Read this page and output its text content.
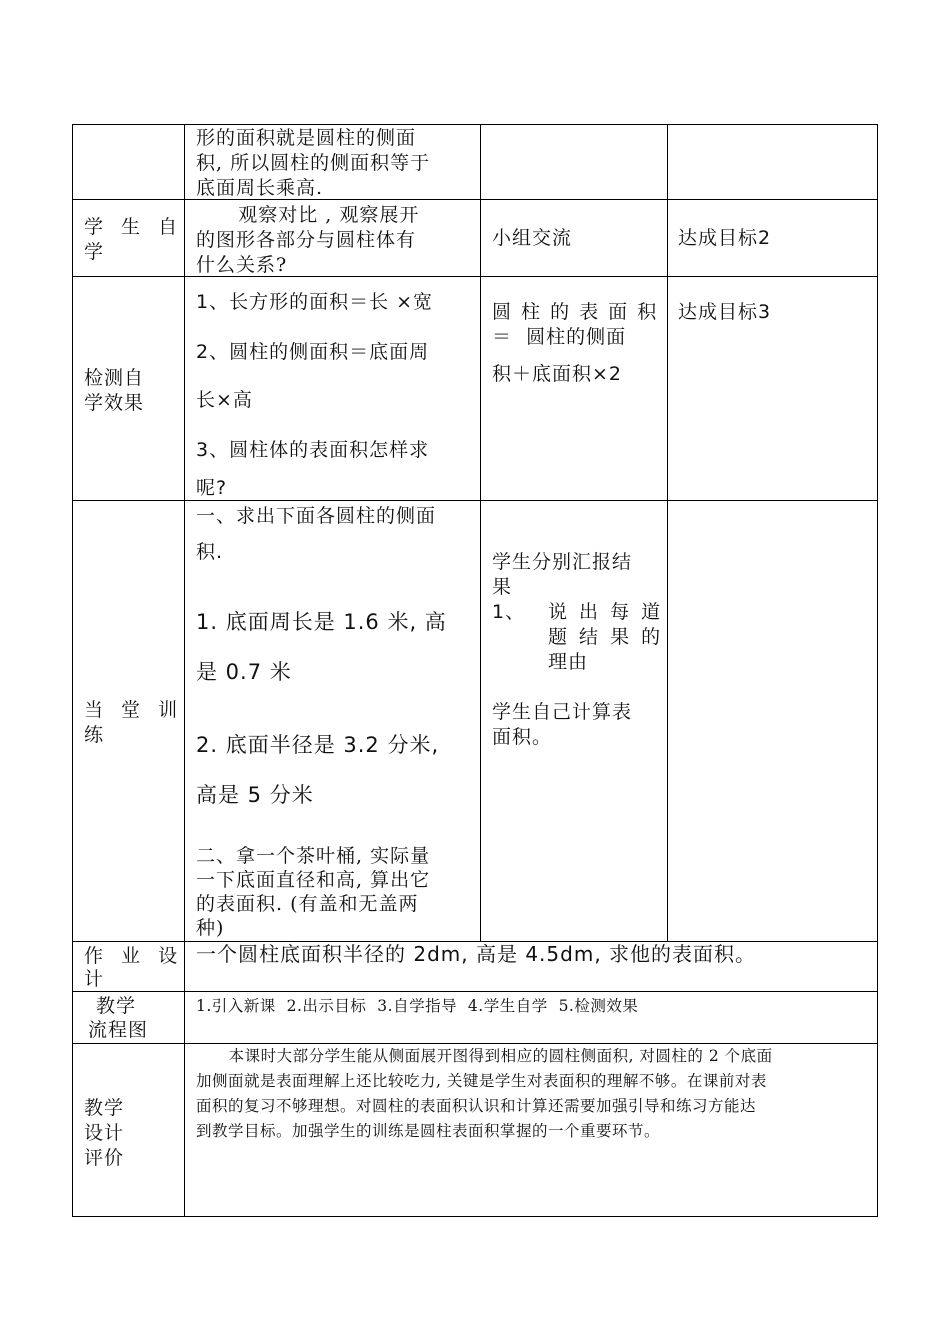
形的面积就是圆柱的侧面
积, 所以圆柱的侧面积等于
底面周长乘高.
学 生 自
学
观察对比 , 观察展开
的图形各部分与圆柱体有
什么关系?
小组交流	达成目标2
检测自
学效果
1、长方形的面积＝长 ×宽
2、圆柱的侧面积＝底面周
长×高
3、圆柱体的表面积怎样求
呢?
圆 柱 的 表 面 积
＝  圆柱的侧面
积＋底面积×2
达成目标3
当 堂 训
练
一、求出下面各圆柱的侧面
积.
1. 底面周长是 1.6 米, 高
是 0.7 米
2. 底面半径是 3.2 分米,
高是 5 分米
二、拿一个茶叶桶, 实际量
一下底面直径和高, 算出它
的表面积. (有盖和无盖两
种)
学生分别汇报结
果
1、 说 出 每 道
题 结 果 的
理由
学生自己计算表
面积。
作 业 设
计
一个圆柱底面积半径的 2dm, 高是 4.5dm, 求他的表面积。
教学
流程图
1.引入新课  2.出示目标  3.自学指导  4.学生自学  5.检测效果
教学
设计
评价
本课时大部分学生能从侧面展开图得到相应的圆柱侧面积, 对圆柱的 2 个底面
加侧面就是表面理解上还比较吃力, 关键是学生对表面积的理解不够。在课前对表
面积的复习不够理想。对圆柱的表面积认识和计算还需要加强引导和练习方能达
到教学目标。加强学生的训练是圆柱表面积掌握的一个重要环节。
